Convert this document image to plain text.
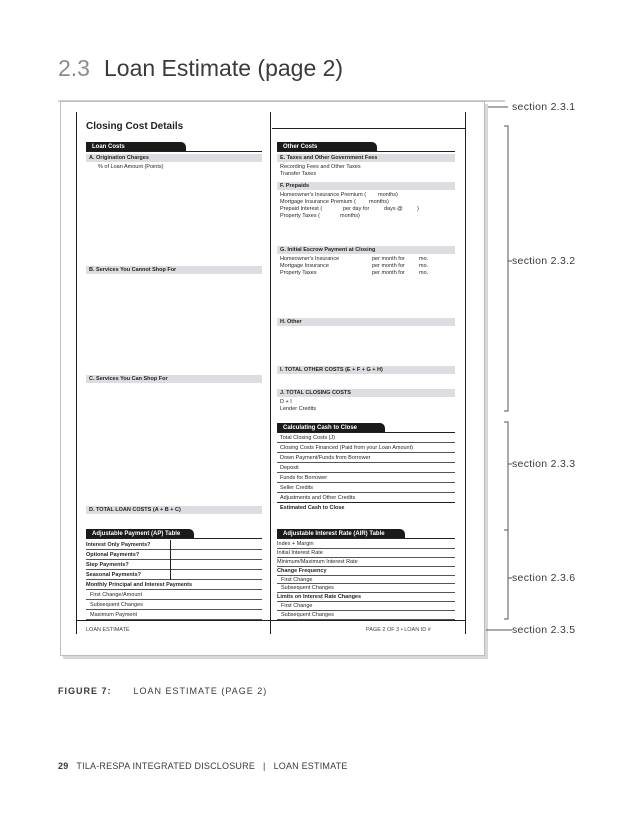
2.3 Loan Estimate (page 2)
Closing Cost Details
Loan Costs
A. Origination Charges
% of Loan Amount (Points)
B. Services You Cannot Shop For
C. Services You Can Shop For
D. TOTAL LOAN COSTS (A + B + C)
Other Costs
E. Taxes and Other Government Fees
Recording Fees and Other Taxes
Transfer Taxes
F. Prepaids
Homeowner's Insurance Premium ( months)
Mortgage Insurance Premium ( months)
Prepaid Interest (	per day for	days @	)
Property Taxes (	months)
G. Initial Escrow Payment at Closing
Homeowner's Insurance	per month for	mo.
Mortgage Insurance	per month for	mo.
Property Taxes	per month for	mo.
H. Other
I. TOTAL OTHER COSTS (E + F + G + H)
J. TOTAL CLOSING COSTS
D + I
Lender Credits
Calculating Cash to Close
Total Closing Costs (J)
Closing Costs Financed (Paid from your Loan Amount)
Down Payment/Funds from Borrower
Deposit
Funds for Borrower
Seller Credits
Adjustments and Other Credits
Estimated Cash to Close
Adjustable Payment (AP) Table
Interest Only Payments?
Optional Payments?
Step Payments?
Seasonal Payments?
Monthly Principal and Interest Payments
First Change/Amount
Subsequent Changes
Maximum Payment
Adjustable Interest Rate (AIR) Table
Index + Margin
Initial Interest Rate
Minimum/Maximum Interest Rate
Change Frequency
First Change
Subsequent Changes
Limits on Interest Rate Changes
First Change
Subsequent Changes
LOAN ESTIMATE	PAGE 2 OF 3 • LOAN ID #
section 2.3.1
section 2.3.2
section 2.3.3
section 2.3.6
section 2.3.5
FIGURE 7: LOAN ESTIMATE (PAGE 2)
29 TILA-RESPA INTEGRATED DISCLOSURE | LOAN ESTIMATE
